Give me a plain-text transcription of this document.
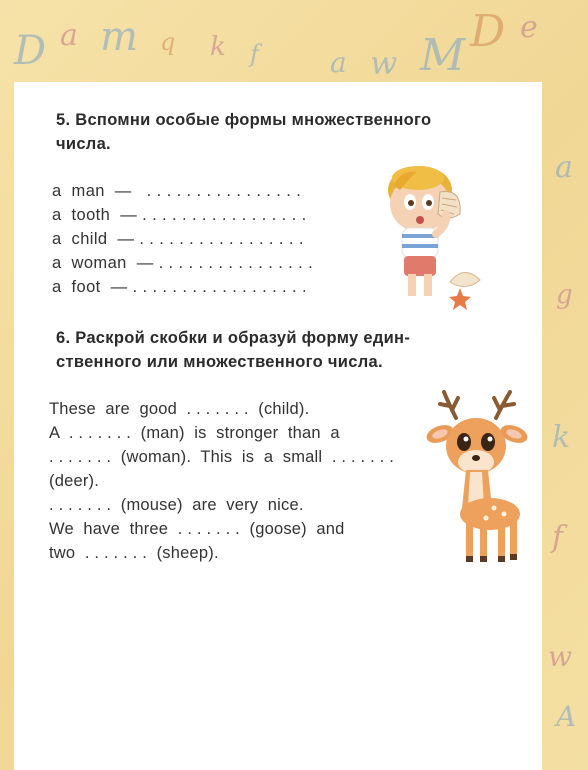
D a m q k f	a w M D e
a
g
k
f
w
A
5. Вспомни особые формы множественного
числа.
a  man  —   . . . . . . . . . . . . . . . .
a  tooth  — . . . . . . . . . . . . . . . . .
a  child  — . . . . . . . . . . . . . . . . .
a  woman  — . . . . . . . . . . . . . . . .
a  foot  — . . . . . . . . . . . . . . . . . .
6. Раскрой скобки и образуй форму един-
ственного или множественного числа.
These  are  good  . . . . . . .  (child).
A  . . . . . . .  (man)  is  stronger  than  a
. . . . . . .  (woman).  This  is  a  small  . . . . . . .
(deer).
. . . . . . .  (mouse)  are  very  nice.
We  have  three  . . . . . . .  (goose)  and
two  . . . . . . .  (sheep).
